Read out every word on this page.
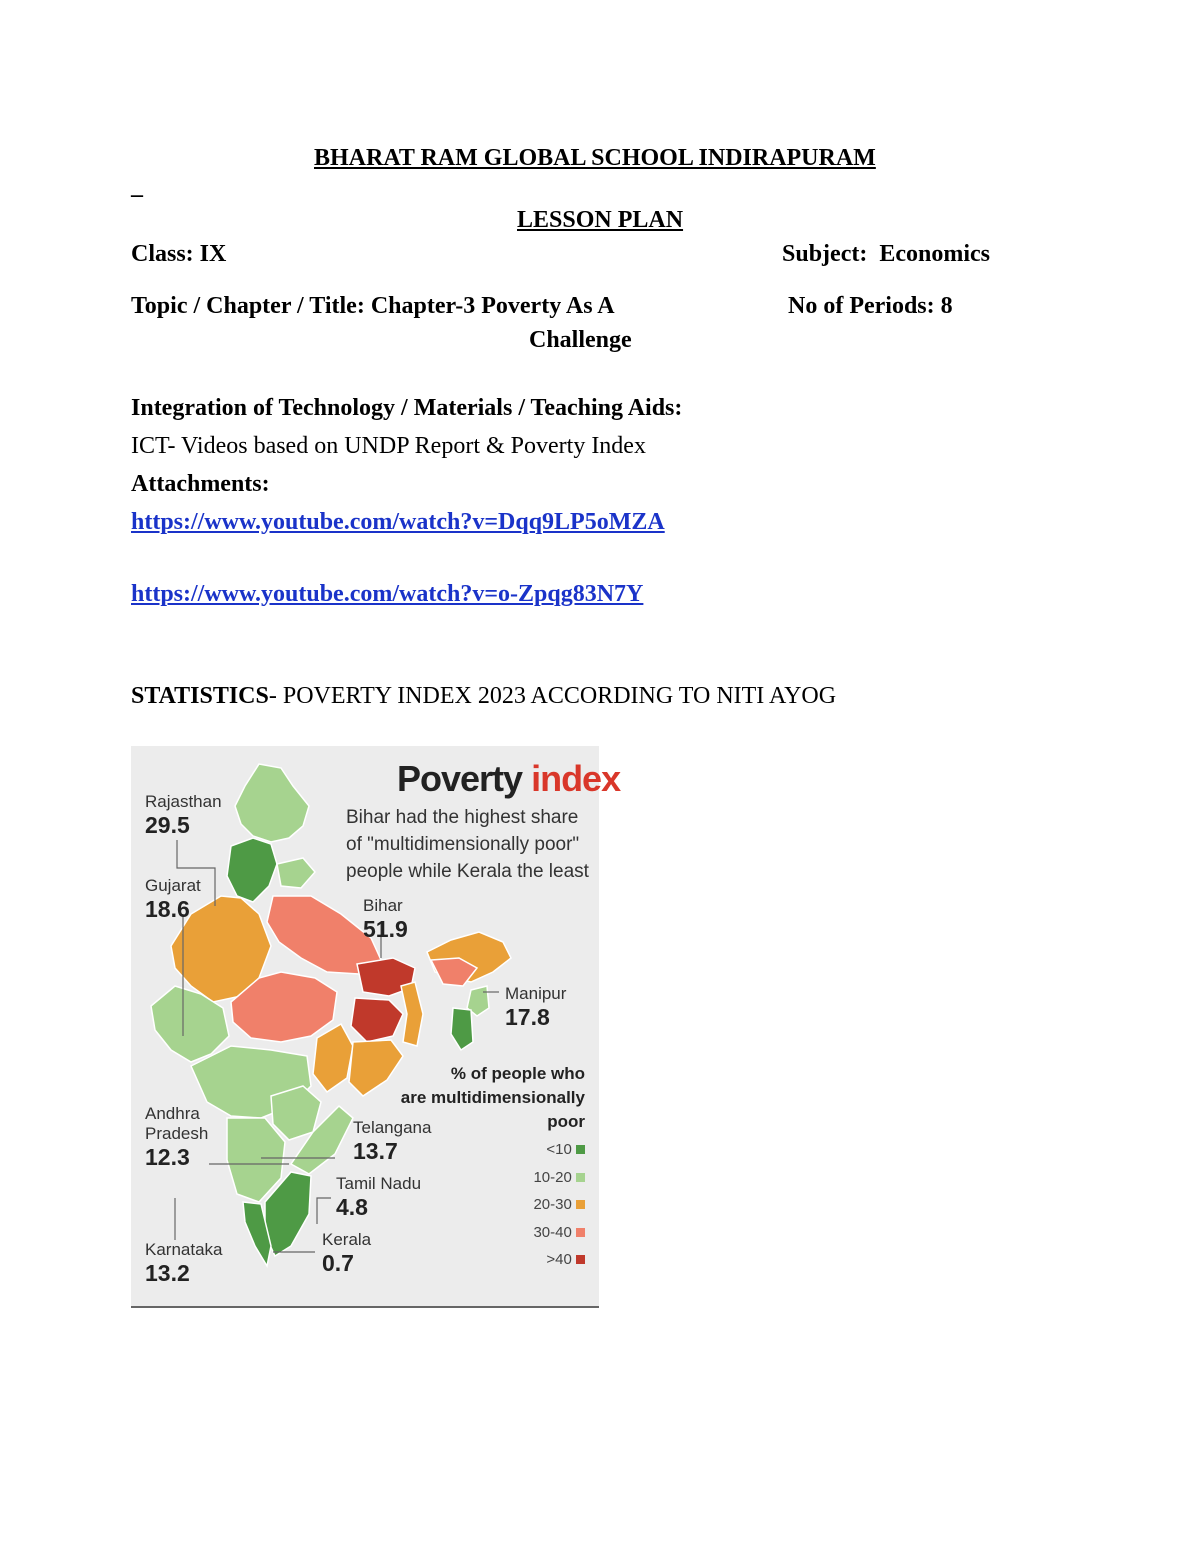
BHARAT RAM GLOBAL SCHOOL INDIRAPURAM
–
LESSON PLAN
Class: IX	Subject:  Economics
Topic / Chapter / Title: Chapter-3 Poverty As A
Challenge
No of Periods: 8
Integration of Technology / Materials / Teaching Aids:
ICT- Videos based on UNDP Report & Poverty Index
Attachments:
https://www.youtube.com/watch?v=Dqq9LP5oMZA
https://www.youtube.com/watch?v=o-Zpqg83N7Y
STATISTICS- POVERTY INDEX 2023 ACCORDING TO NITI AYOG
Poverty index
Bihar had the highest share
of "multidimensionally poor"
people while Kerala the least
Rajasthan
29.5
Gujarat
18.6	Bihar
51.9
Manipur
17.8
Andhra
Pradesh
12.3
Telangana
13.7
Tamil Nadu
4.8
Kerala
0.7
Karnataka
13.2
% of people who
are multidimensionally
poor
<10
10-20
20-30
30-40
>40
